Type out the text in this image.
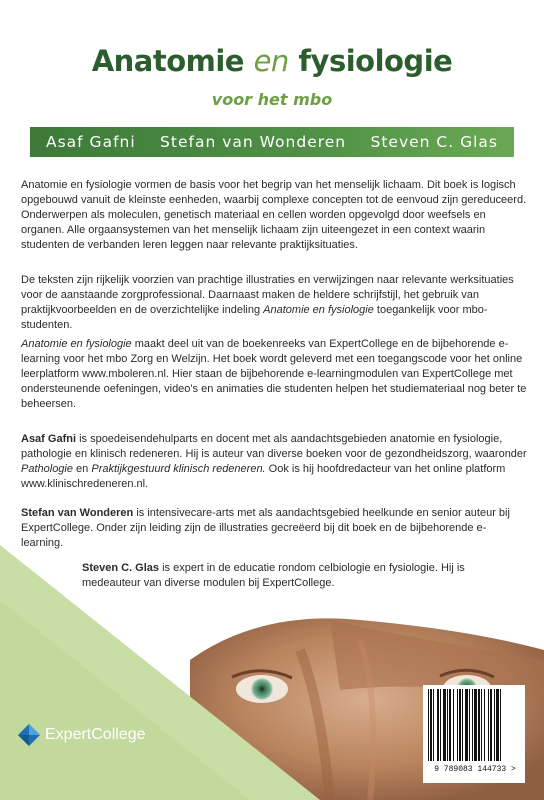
Anatomie en fysiologie
voor het mbo
Asaf Gafni Stefan van Wonderen Steven C. Glas

Anatomie en fysiologie vormen de basis voor het begrip van het menselijk lichaam. Dit boek is logisch opgebouwd vanuit de kleinste eenheden, waarbij complexe concepten tot de eenvoud zijn gereduceerd. Onderwerpen als moleculen, genetisch materiaal en cellen worden opgevolgd door weefsels en organen. Alle orgaansystemen van het menselijk lichaam zijn uiteengezet in een context waarin studenten de verbanden leren leggen naar relevante praktijksituaties.

De teksten zijn rijkelijk voorzien van prachtige illustraties en verwijzingen naar relevante werksituaties voor de aanstaande zorgprofessional. Daarnaast maken de heldere schrijfstijl, het gebruik van praktijkvoorbeelden en de overzichtelijke indeling Anatomie en fysiologie toegankelijk voor mbo-studenten.

Anatomie en fysiologie maakt deel uit van de boekenreeks van ExpertCollege en de bijbehorende e-learning voor het mbo Zorg en Welzijn. Het boek wordt geleverd met een toegangscode voor het online leerplatform www.mboleren.nl. Hier staan de bijbehorende e-learningmodulen van ExpertCollege met ondersteunende oefeningen, video's en animaties die studenten helpen het studiemateriaal nog beter te beheersen.

Asaf Gafni is spoedeisendehulparts en docent met als aandachtsgebieden anatomie en fysiologie, pathologie en klinisch redeneren. Hij is auteur van diverse boeken voor de gezondheidszorg, waaronder Pathologie en Praktijkgestuurd klinisch redeneren. Ook is hij hoofdredacteur van het online platform www.klinischredeneren.nl.

Stefan van Wonderen is intensivecare-arts met als aandachtsgebied heelkunde en senior auteur bij ExpertCollege. Onder zijn leiding zijn de illustraties gecreëerd bij dit boek en de bijbehorende e-learning.

Steven C. Glas is expert in de educatie rondom celbiologie en fysiologie. Hij is medeauteur van diverse modulen bij ExpertCollege.

ExpertCollege
9 789083 144733 >
